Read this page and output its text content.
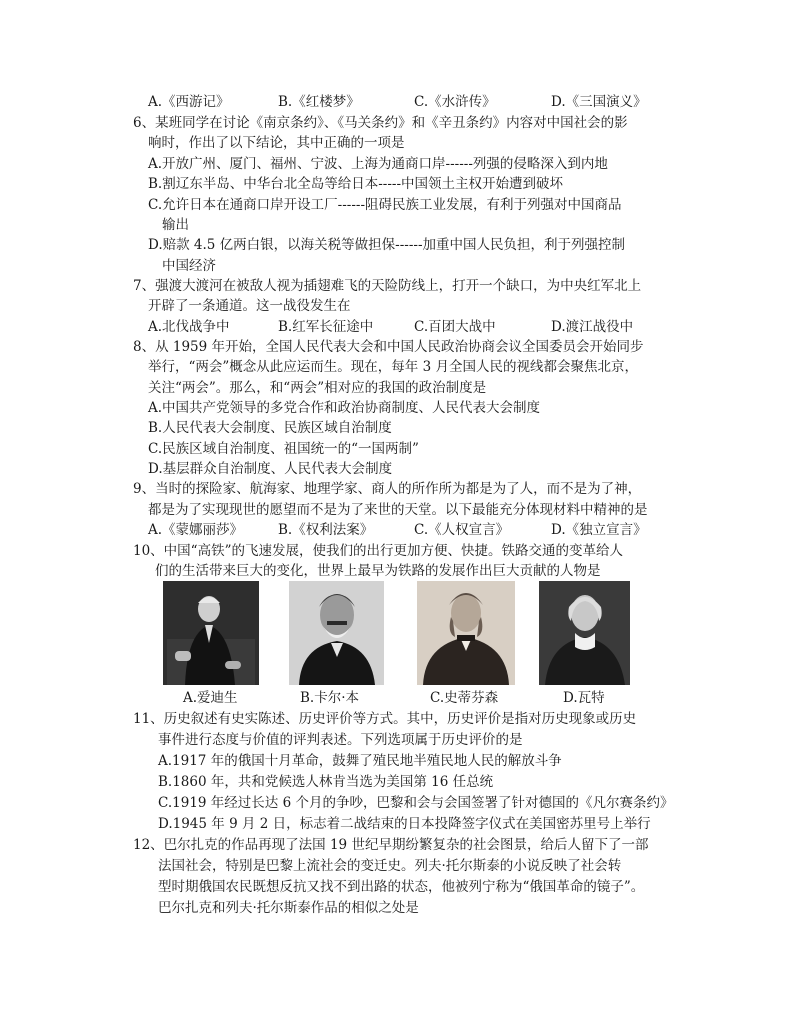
A.《西游记》	B.《红楼梦》	C.《水浒传》	D.《三国演义》
6、某班同学在讨论《南京条约》、《马关条约》和《辛丑条约》内容对中国社会的影
响时，作出了以下结论，其中正确的一项是
A.开放广州、厦门、福州、宁波、上海为通商口岸------列强的侵略深入到内地
B.割辽东半岛、中华台北全岛等给日本-----中国领土主权开始遭到破坏
C.允许日本在通商口岸开设工厂------阻碍民族工业发展，有利于列强对中国商品
输出
D.赔款 4.5 亿两白银，以海关税等做担保------加重中国人民负担，利于列强控制
中国经济
7、强渡大渡河在被敌人视为插翅难飞的天险防线上，打开一个缺口，为中央红军北上
开辟了一条通道。这一战役发生在
A.北伐战争中	B.红军长征途中	C.百团大战中	D.渡江战役中
8、从 1959 年开始，全国人民代表大会和中国人民政治协商会议全国委员会开始同步
举行，“两会”概念从此应运而生。现在，每年 3 月全国人民的视线都会聚焦北京，
关注“两会”。那么，和“两会”相对应的我国的政治制度是
A.中国共产党领导的多党合作和政治协商制度、人民代表大会制度
B.人民代表大会制度、民族区域自治制度
C.民族区域自治制度、祖国统一的“一国两制”
D.基层群众自治制度、人民代表大会制度
9、当时的探险家、航海家、地理学家、商人的所作所为都是为了人，而不是为了神，
都是为了实现现世的愿望而不是为了来世的天堂。以下最能充分体现材料中精神的是
A.《蒙娜丽莎》	B.《权利法案》	C.《人权宣言》	D.《独立宣言》
10、中国“高铁”的飞速发展，使我们的出行更加方便、快捷。铁路交通的变革给人
们的生活带来巨大的变化，世界上最早为铁路的发展作出巨大贡献的人物是
A.爱迪生	B.卡尔·本	C.史蒂芬森	D.瓦特
11、历史叙述有史实陈述、历史评价等方式。其中，历史评价是指对历史现象或历史
事件进行态度与价值的评判表述。下列选项属于历史评价的是
A.1917 年的俄国十月革命，鼓舞了殖民地半殖民地人民的解放斗争
B.1860 年，共和党候选人林肯当选为美国第 16 任总统
C.1919 年经过长达 6 个月的争吵，巴黎和会与会国签署了针对德国的《凡尔赛条约》
D.1945 年 9 月 2 日，标志着二战结束的日本投降签字仪式在美国密苏里号上举行
12、巴尔扎克的作品再现了法国 19 世纪早期纷繁复杂的社会图景，给后人留下了一部
法国社会，特别是巴黎上流社会的变迁史。列夫·托尔斯泰的小说反映了社会转
型时期俄国农民既想反抗又找不到出路的状态，他被列宁称为“俄国革命的镜子”。
巴尔扎克和列夫·托尔斯泰作品的相似之处是
